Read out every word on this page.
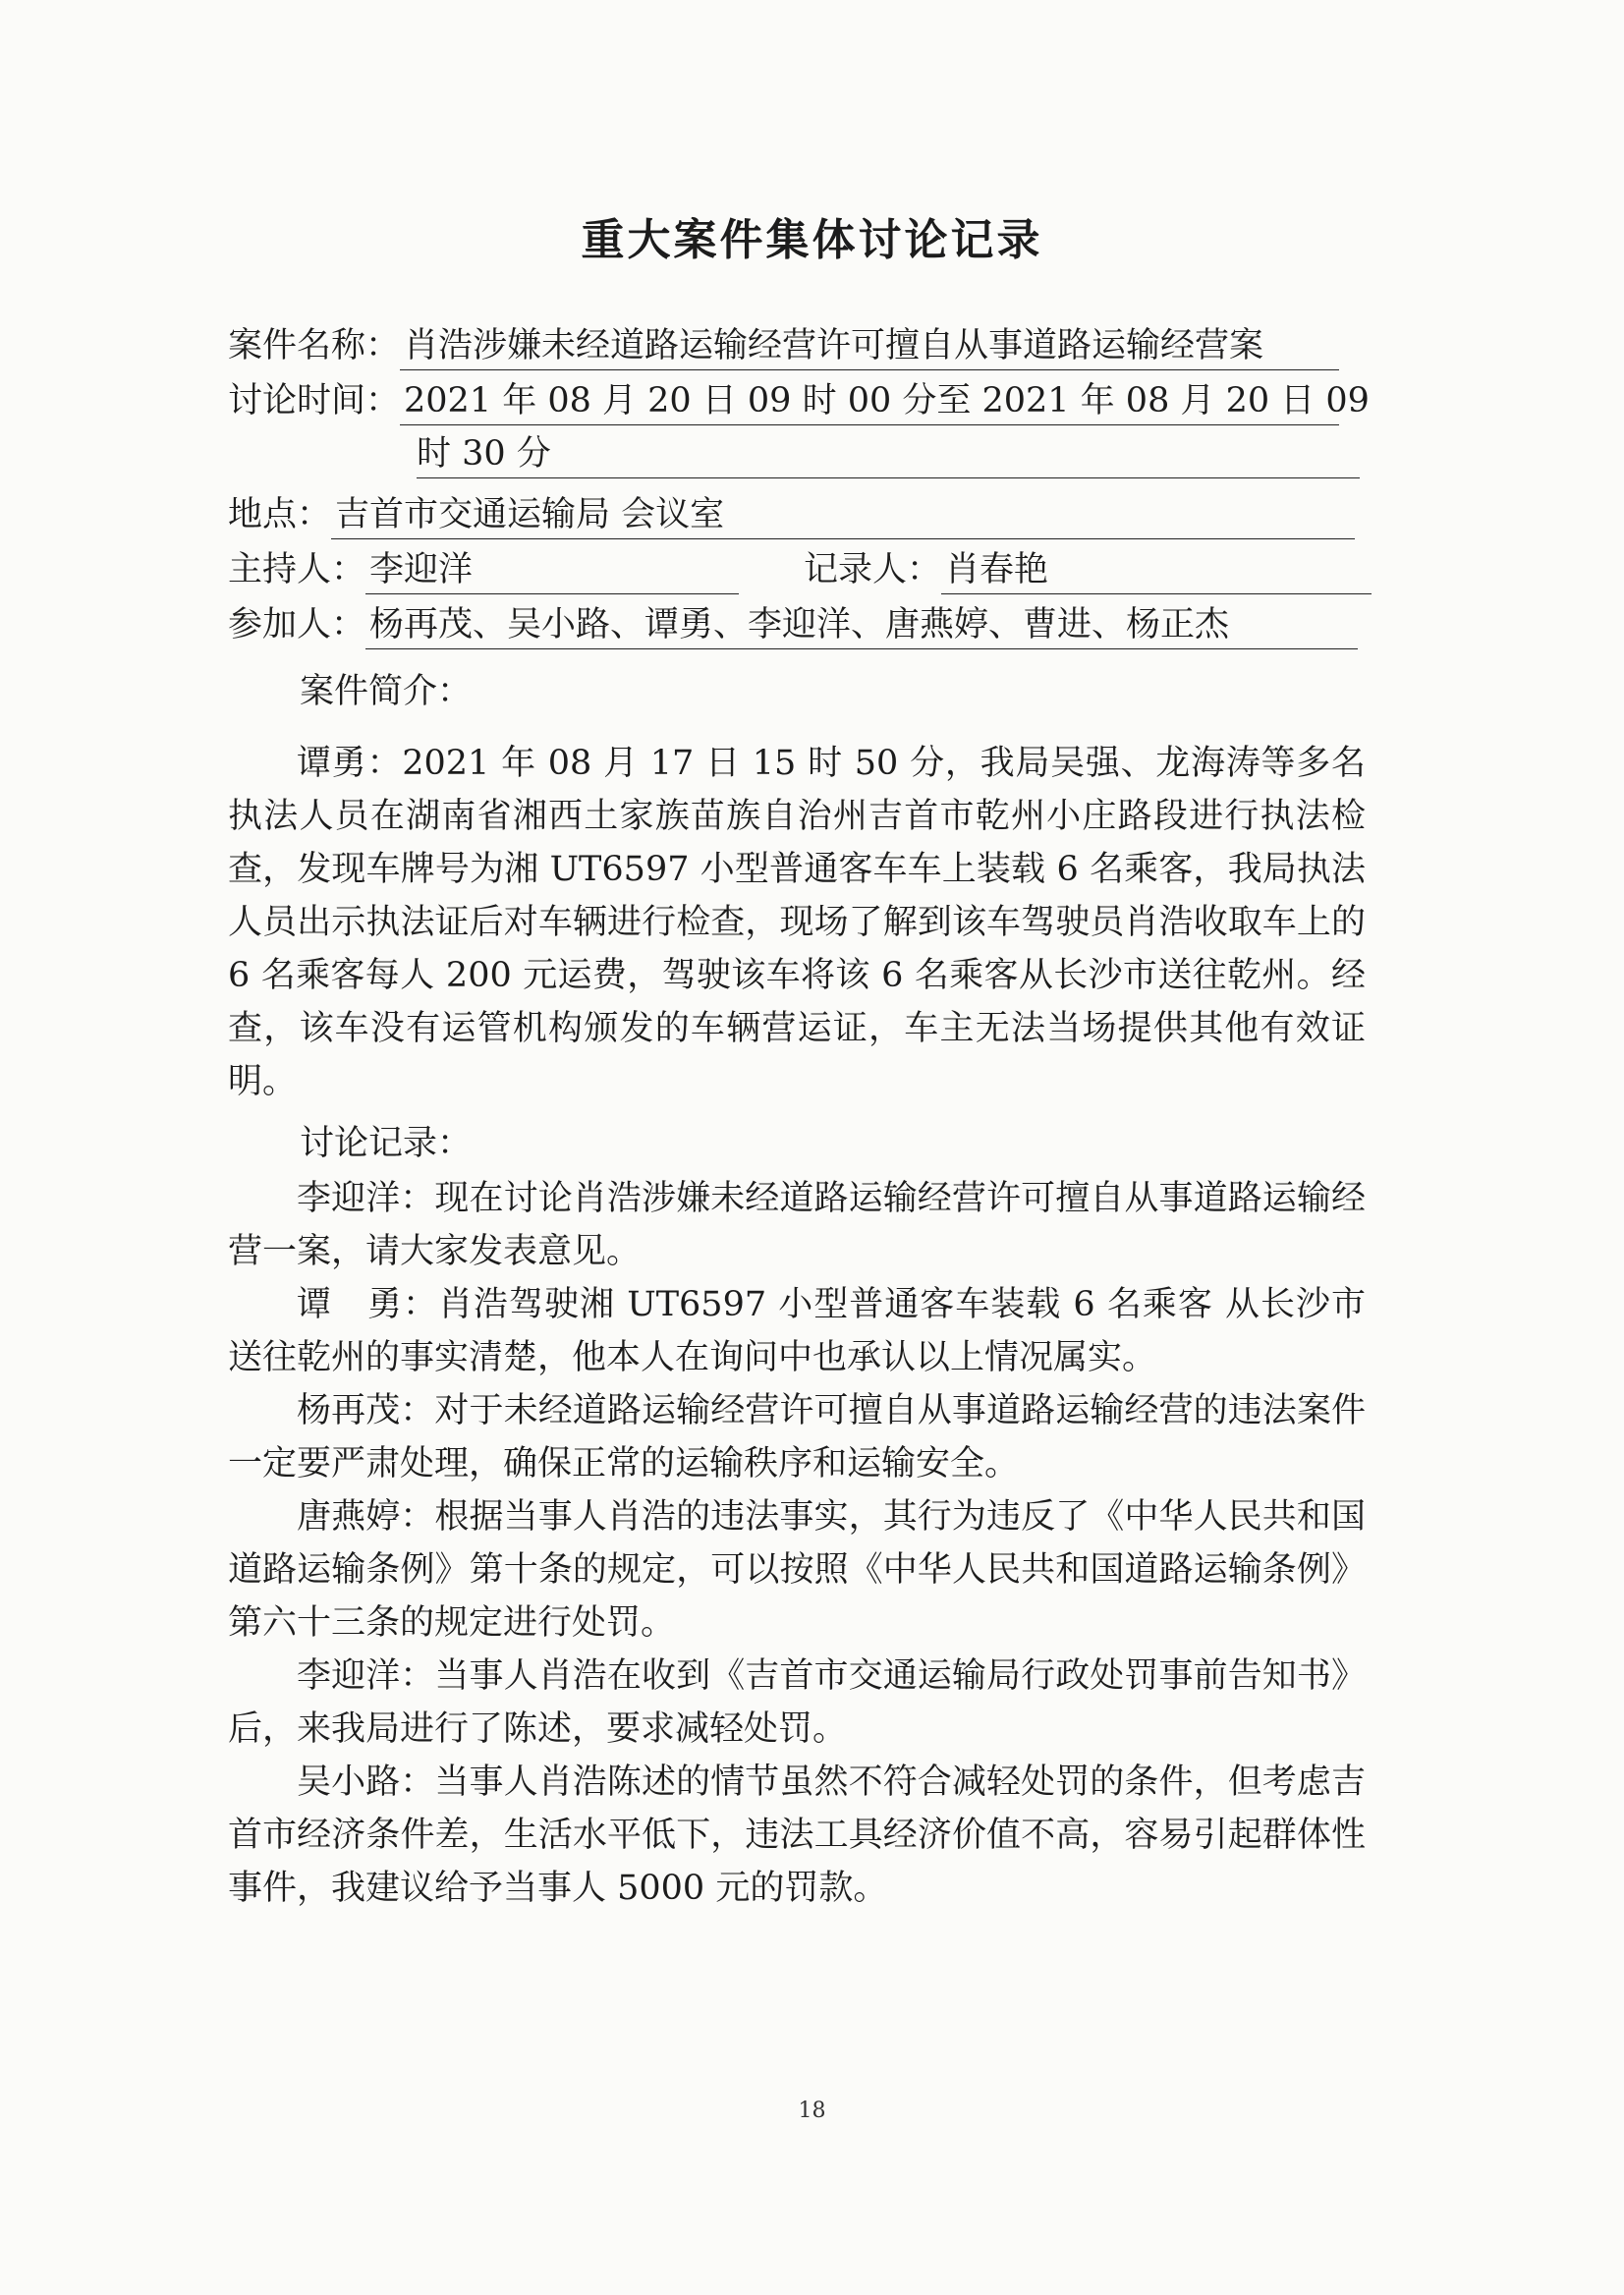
重大案件集体讨论记录
案件名称： 肖浩涉嫌未经道路运输经营许可擅自从事道路运输经营案
讨论时间： 2021 年 08 月 20 日 09 时 00 分至 2021 年 08 月 20 日 09
时 30 分
地点： 吉首市交通运输局 会议室
主持人： 李迎洋	记录人： 肖春艳
参加人： 杨再茂、吴小路、谭勇、李迎洋、唐燕婷、曹进、杨正杰
案件简介：

谭勇：2021 年 08 月 17 日 15 时 50 分，我局吴强、龙海涛等多名执法人员在湖南省湘西土家族苗族自治州吉首市乾州小庄路段进行执法检查，发现车牌号为湘 UT6597 小型普通客车车上装载 6 名乘客，我局执法人员出示执法证后对车辆进行检查，现场了解到该车驾驶员肖浩收取车上的 6 名乘客每人 200 元运费，驾驶该车将该 6 名乘客从长沙市送往乾州。经查，该车没有运管机构颁发的车辆营运证，车主无法当场提供其他有效证明。

讨论记录：

李迎洋：现在讨论肖浩涉嫌未经道路运输经营许可擅自从事道路运输经营一案，请大家发表意见。

谭　勇：肖浩驾驶湘 UT6597 小型普通客车装载 6 名乘客 从长沙市送往乾州的事实清楚，他本人在询问中也承认以上情况属实。

杨再茂：对于未经道路运输经营许可擅自从事道路运输经营的违法案件一定要严肃处理，确保正常的运输秩序和运输安全。

唐燕婷：根据当事人肖浩的违法事实，其行为违反了《中华人民共和国道路运输条例》第十条的规定，可以按照《中华人民共和国道路运输条例》第六十三条的规定进行处罚。

李迎洋：当事人肖浩在收到《吉首市交通运输局行政处罚事前告知书》后，来我局进行了陈述，要求减轻处罚。

吴小路：当事人肖浩陈述的情节虽然不符合减轻处罚的条件，但考虑吉首市经济条件差，生活水平低下，违法工具经济价值不高，容易引起群体性事件，我建议给予当事人 5000 元的罚款。

18
